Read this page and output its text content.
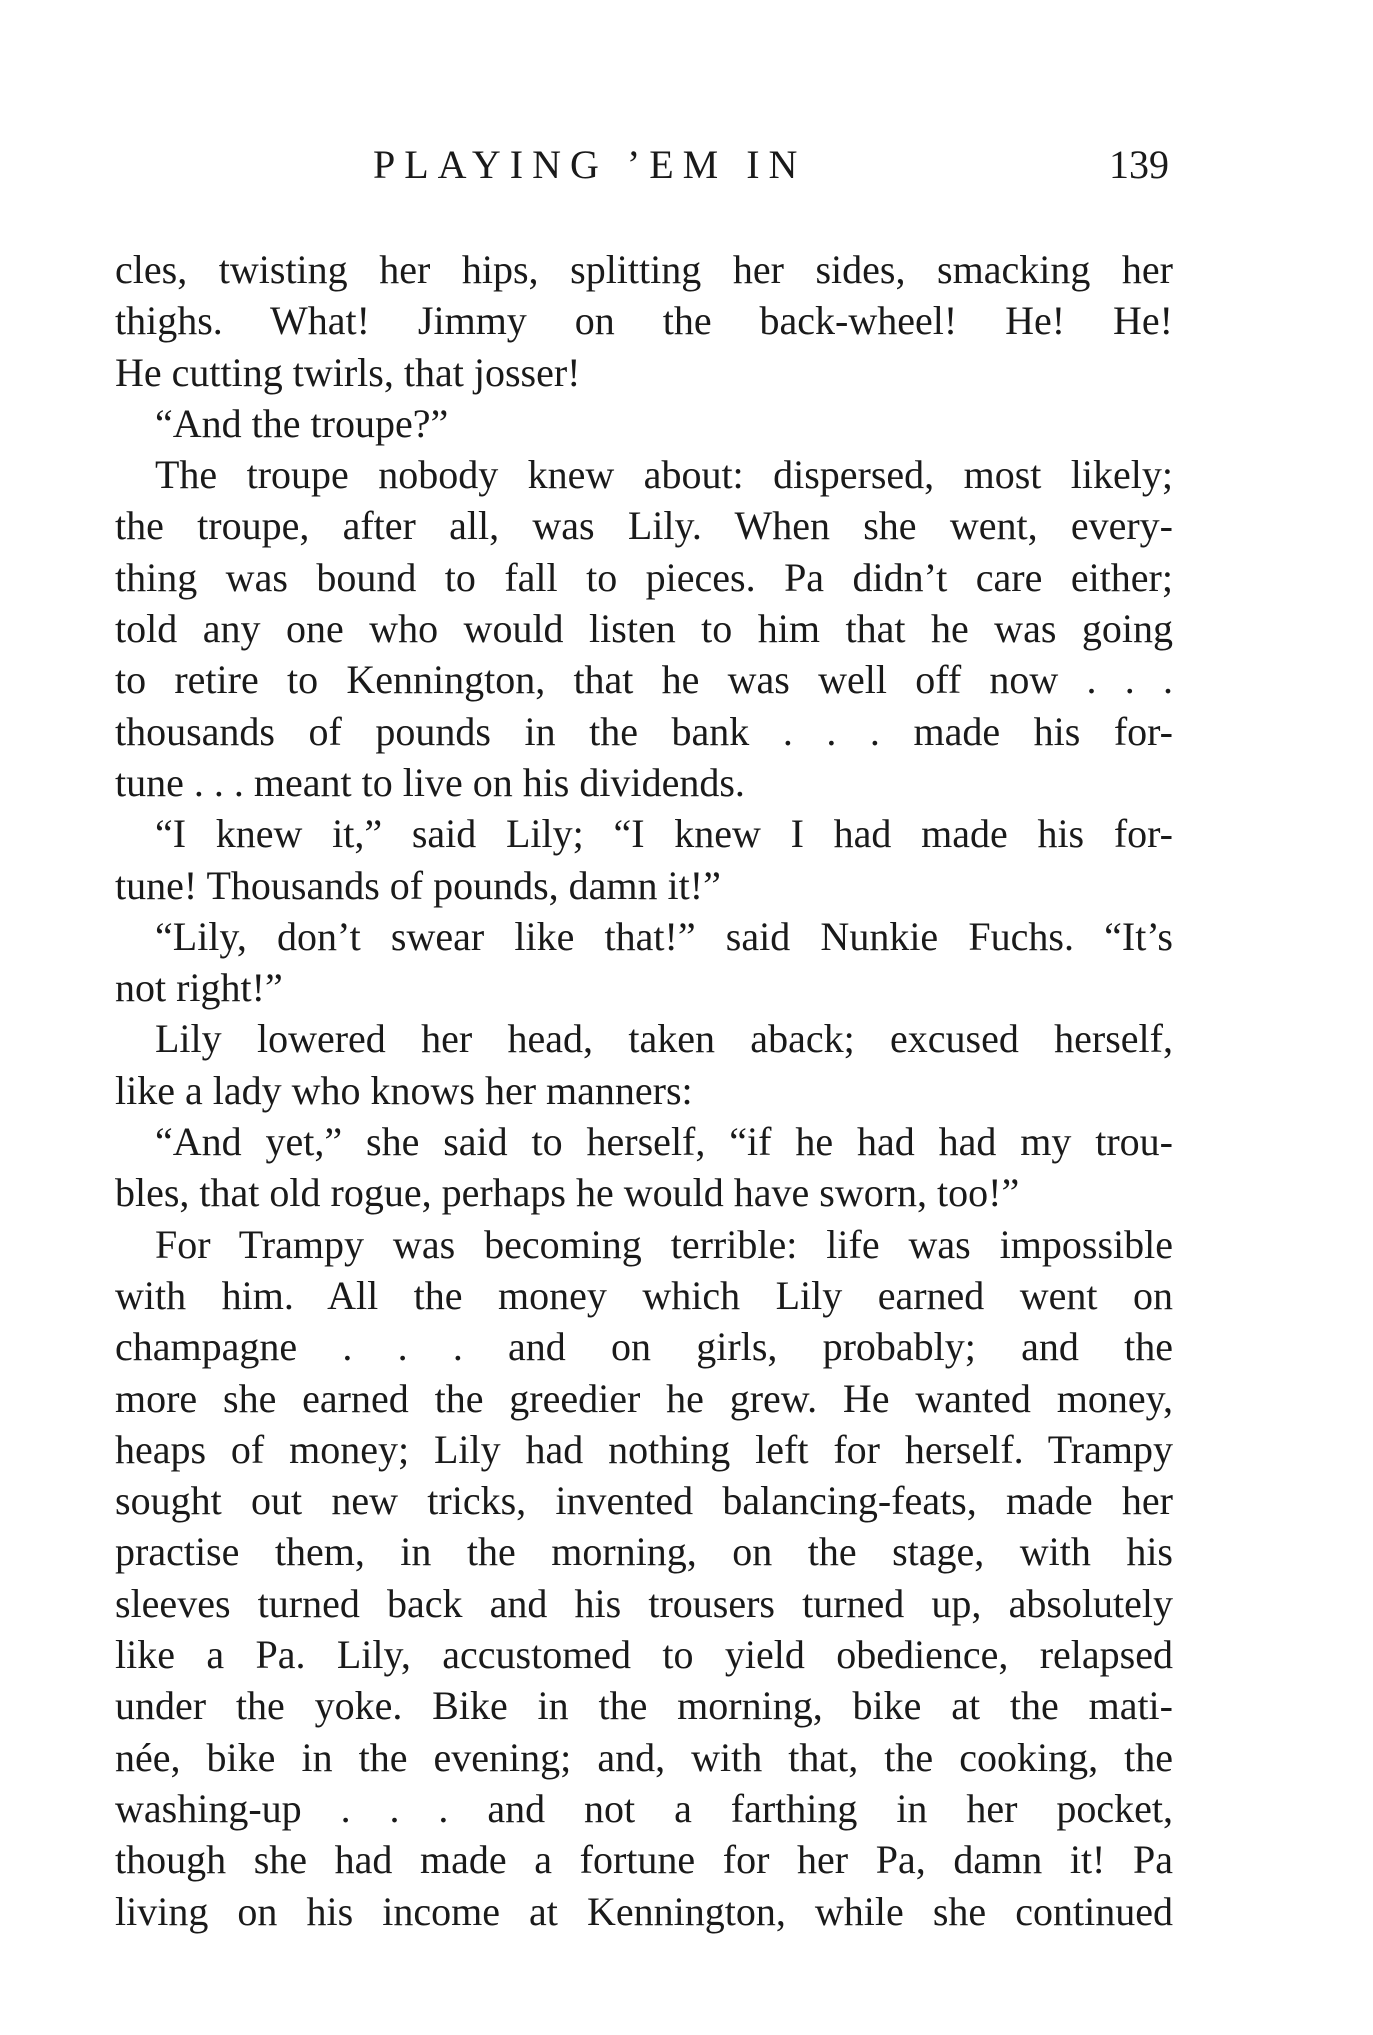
PLAYING ’EM IN	139
cles, twisting her hips, splitting her sides, smacking her
thighs. What! Jimmy on the back-wheel! He! He!
He cutting twirls, that josser!
“And the troupe?”
The troupe nobody knew about: dispersed, most likely;
the troupe, after all, was Lily. When she went, every-
thing was bound to fall to pieces. Pa didn’t care either;
told any one who would listen to him that he was going
to retire to Kennington, that he was well off now . . .
thousands of pounds in the bank . . . made his for-
tune . . . meant to live on his dividends.
“I knew it,” said Lily; “I knew I had made his for-
tune! Thousands of pounds, damn it!”
“Lily, don’t swear like that!” said Nunkie Fuchs. “It’s
not right!”
Lily lowered her head, taken aback; excused herself,
like a lady who knows her manners:
“And yet,” she said to herself, “if he had had my trou-
bles, that old rogue, perhaps he would have sworn, too!”
For Trampy was becoming terrible: life was impossible
with him. All the money which Lily earned went on
champagne . . . and on girls, probably; and the
more she earned the greedier he grew. He wanted money,
heaps of money; Lily had nothing left for herself. Trampy
sought out new tricks, invented balancing-feats, made her
practise them, in the morning, on the stage, with his
sleeves turned back and his trousers turned up, absolutely
like a Pa. Lily, accustomed to yield obedience, relapsed
under the yoke. Bike in the morning, bike at the mati-
née, bike in the evening; and, with that, the cooking, the
washing-up . . . and not a farthing in her pocket,
though she had made a fortune for her Pa, damn it! Pa
living on his income at Kennington, while she continued
